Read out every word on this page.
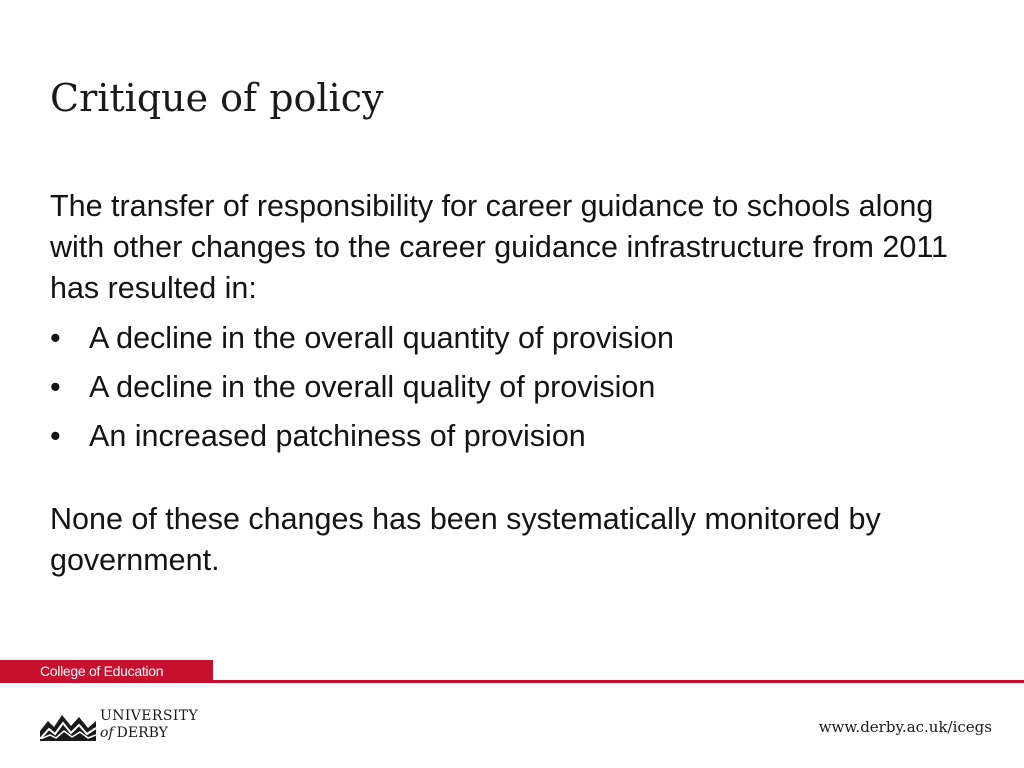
Critique of policy

The transfer of responsibility for career guidance to schools along with other changes to the career guidance infrastructure from 2011 has resulted in:

• A decline in the overall quantity of provision
• A decline in the overall quality of provision
• An increased patchiness of provision

None of these changes has been systematically monitored by government.

College of Education
UNIVERSITY
of DERBY	www.derby.ac.uk/icegs
